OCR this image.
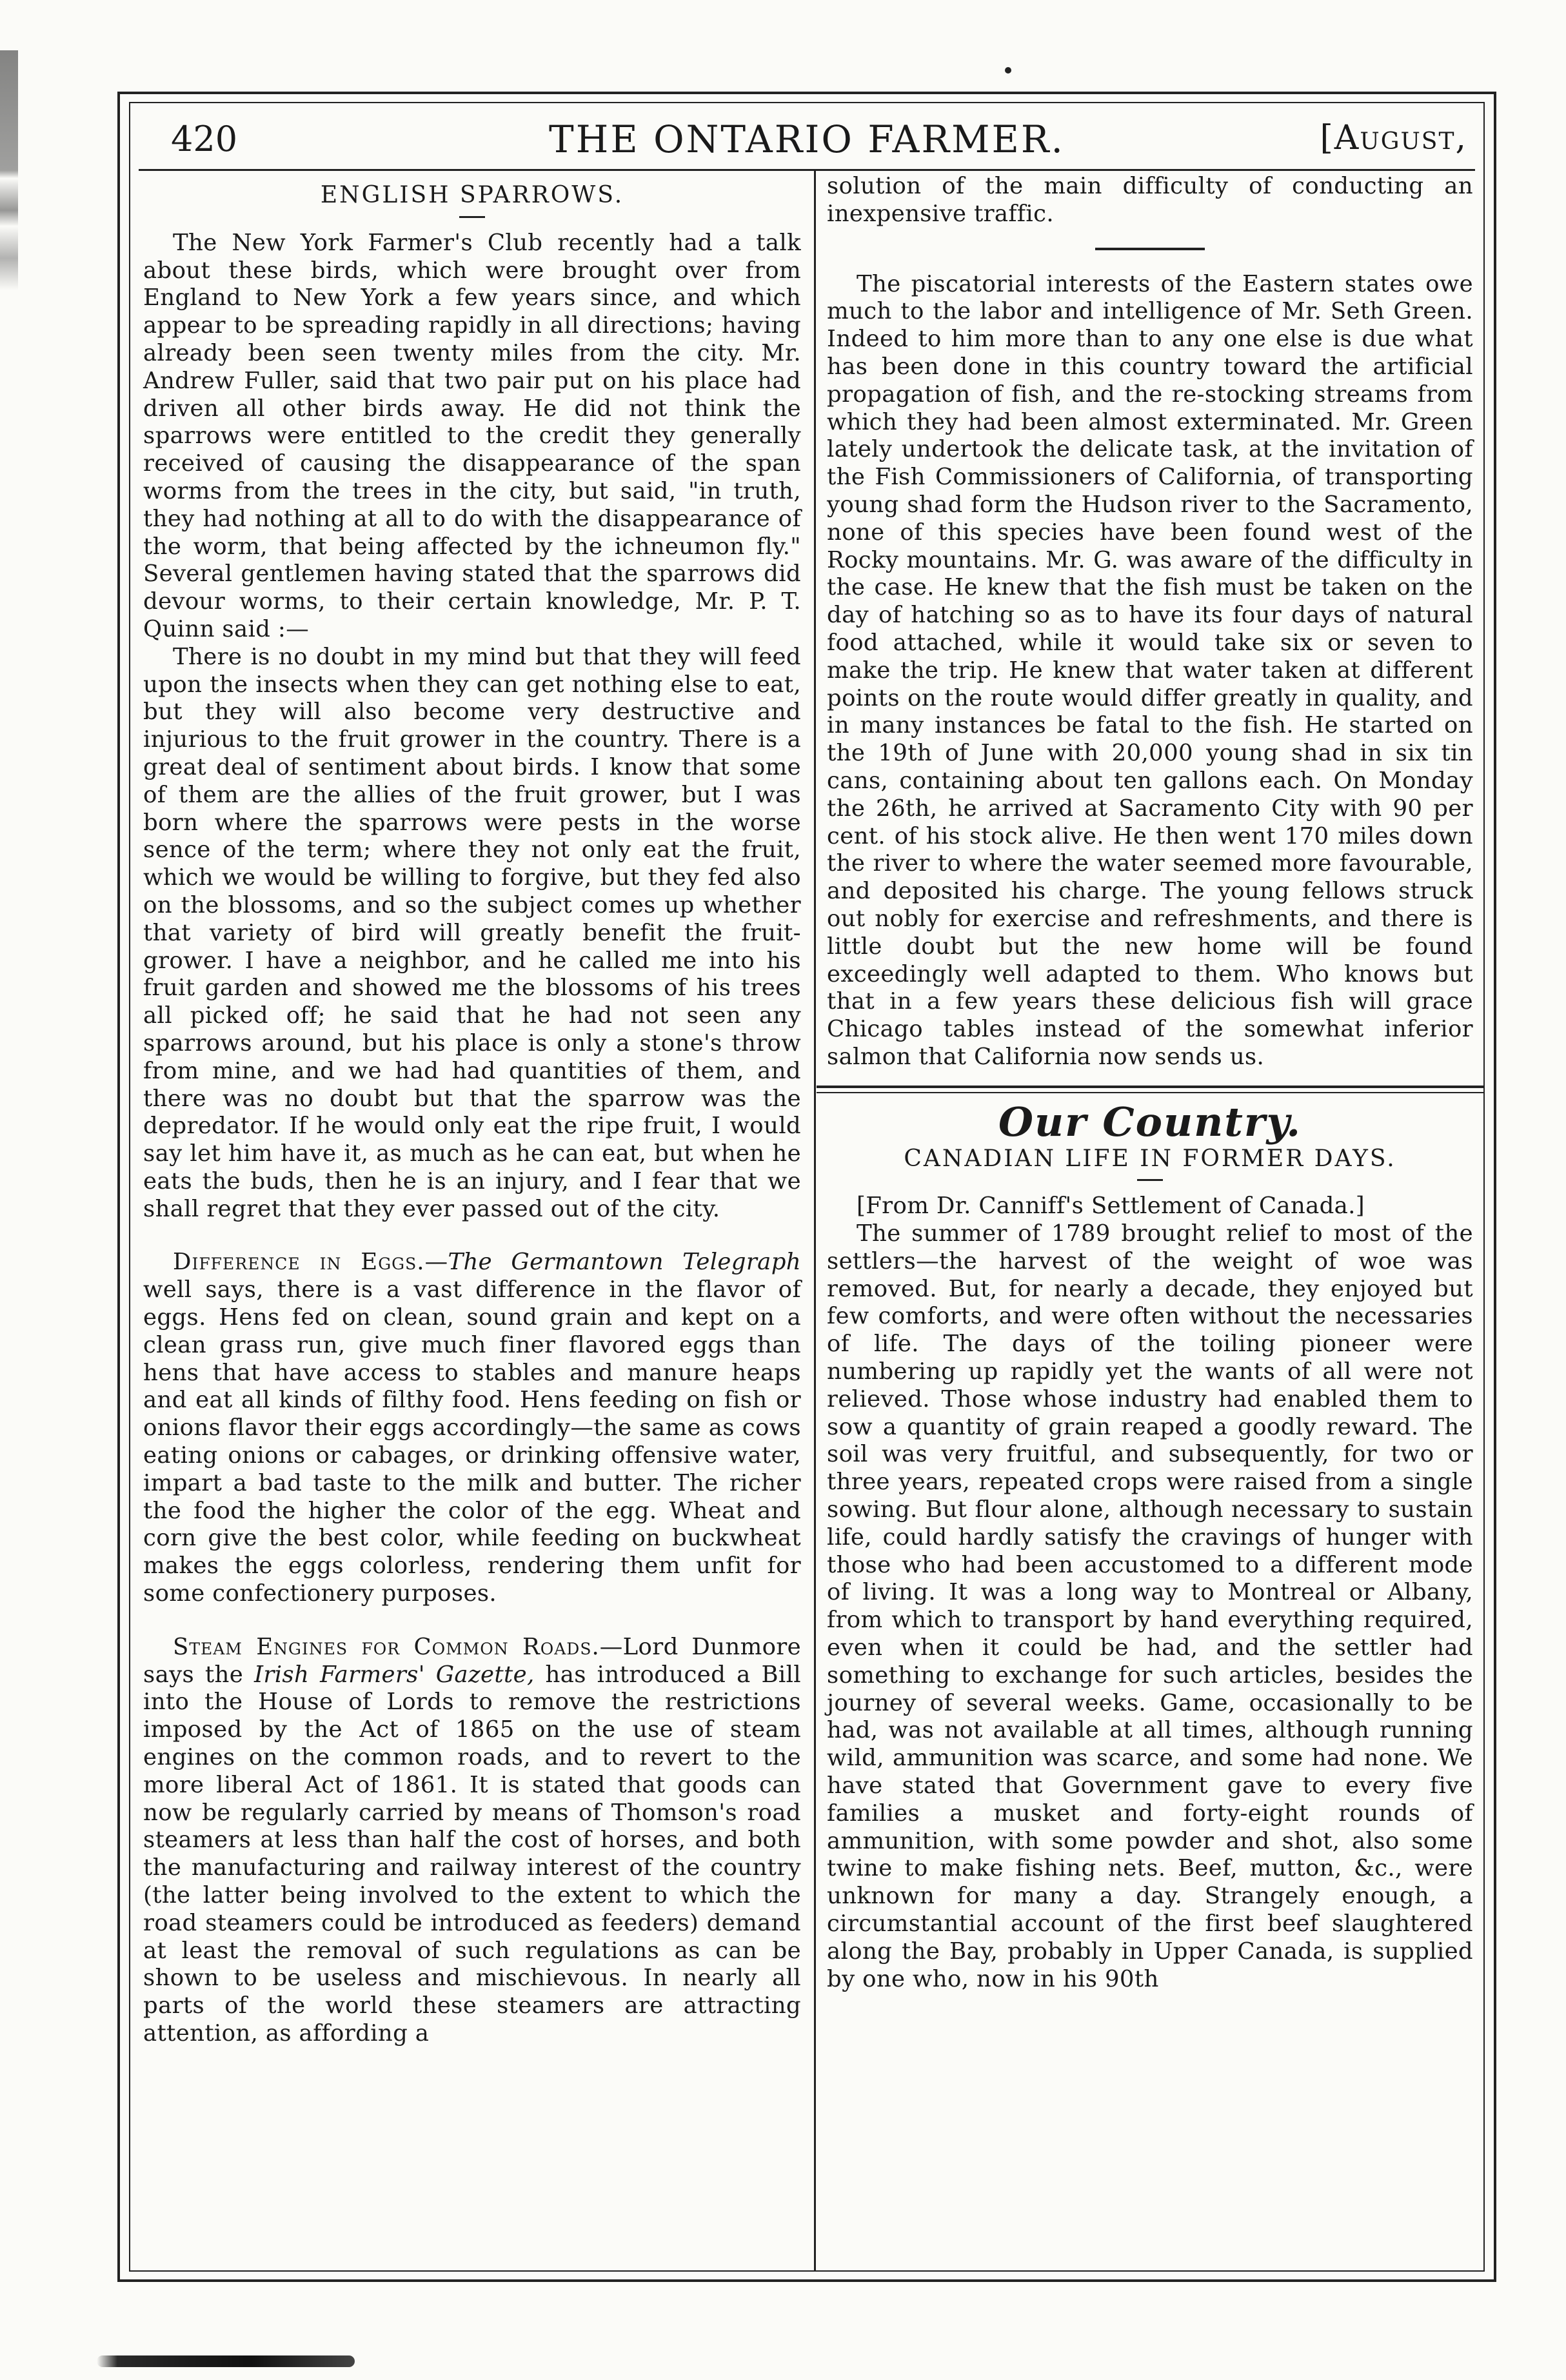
420	THE ONTARIO FARMER.	[August,
ENGLISH SPARROWS.

The New York Farmer's Club recently had a talk about these birds, which were brought over from England to New York a few years since, and which appear to be spreading rapidly in all directions; having already been seen twenty miles from the city. Mr. Andrew Fuller, said that two pair put on his place had driven all other birds away. He did not think the sparrows were entitled to the credit they generally received of causing the disappearance of the span worms from the trees in the city, but said, "in truth, they had nothing at all to do with the disappearance of the worm, that being affected by the ichneumon fly." Several gentlemen having stated that the sparrows did devour worms, to their certain knowledge, Mr. P. T. Quinn said :—

There is no doubt in my mind but that they will feed upon the insects when they can get nothing else to eat, but they will also become very destructive and injurious to the fruit grower in the country. There is a great deal of sentiment about birds. I know that some of them are the allies of the fruit grower, but I was born where the sparrows were pests in the worse sence of the term; where they not only eat the fruit, which we would be willing to forgive, but they fed also on the blossoms, and so the subject comes up whether that variety of bird will greatly benefit the fruit-grower. I have a neighbor, and he called me into his fruit garden and showed me the blossoms of his trees all picked off; he said that he had not seen any sparrows around, but his place is only a stone's throw from mine, and we had had quantities of them, and there was no doubt but that the sparrow was the depredator. If he would only eat the ripe fruit, I would say let him have it, as much as he can eat, but when he eats the buds, then he is an injury, and I fear that we shall regret that they ever passed out of the city.

Difference in Eggs.—The Germantown Telegraph well says, there is a vast difference in the flavor of eggs. Hens fed on clean, sound grain and kept on a clean grass run, give much finer flavored eggs than hens that have access to stables and manure heaps and eat all kinds of filthy food. Hens feeding on fish or onions flavor their eggs accordingly—the same as cows eating onions or cabages, or drinking offensive water, impart a bad taste to the milk and butter. The richer the food the higher the color of the egg. Wheat and corn give the best color, while feeding on buckwheat makes the eggs colorless, rendering them unfit for some confectionery purposes.

Steam Engines for Common Roads.—Lord Dunmore says the Irish Farmers' Gazette, has introduced a Bill into the House of Lords to remove the restrictions imposed by the Act of 1865 on the use of steam engines on the common roads, and to revert to the more liberal Act of 1861. It is stated that goods can now be regularly carried by means of Thomson's road steamers at less than half the cost of horses, and both the manufacturing and railway interest of the country (the latter being involved to the extent to which the road steamers could be introduced as feeders) demand at least the removal of such regulations as can be shown to be useless and mischievous. In nearly all parts of the world these steamers are attracting attention, as affording a

solution of the main difficulty of conducting an inexpensive traffic.

The piscatorial interests of the Eastern states owe much to the labor and intelligence of Mr. Seth Green. Indeed to him more than to any one else is due what has been done in this country toward the artificial propagation of fish, and the re-stocking streams from which they had been almost exterminated. Mr. Green lately undertook the delicate task, at the invitation of the Fish Commissioners of California, of transporting young shad form the Hudson river to the Sacramento, none of this species have been found west of the Rocky mountains. Mr. G. was aware of the difficulty in the case. He knew that the fish must be taken on the day of hatching so as to have its four days of natural food attached, while it would take six or seven to make the trip. He knew that water taken at different points on the route would differ greatly in quality, and in many instances be fatal to the fish. He started on the 19th of June with 20,000 young shad in six tin cans, containing about ten gallons each. On Monday the 26th, he arrived at Sacramento City with 90 per cent. of his stock alive. He then went 170 miles down the river to where the water seemed more favourable, and deposited his charge. The young fellows struck out nobly for exercise and refreshments, and there is little doubt but the new home will be found exceedingly well adapted to them. Who knows but that in a few years these delicious fish will grace Chicago tables instead of the somewhat inferior salmon that California now sends us.

Our Country.
CANADIAN LIFE IN FORMER DAYS.

[From Dr. Canniff's Settlement of Canada.]

The summer of 1789 brought relief to most of the settlers—the harvest of the weight of woe was removed. But, for nearly a decade, they enjoyed but few comforts, and were often without the necessaries of life. The days of the toiling pioneer were numbering up rapidly yet the wants of all were not relieved. Those whose industry had enabled them to sow a quantity of grain reaped a goodly reward. The soil was very fruitful, and subsequently, for two or three years, repeated crops were raised from a single sowing. But flour alone, although necessary to sustain life, could hardly satisfy the cravings of hunger with those who had been accustomed to a different mode of living. It was a long way to Montreal or Albany, from which to transport by hand everything required, even when it could be had, and the settler had something to exchange for such articles, besides the journey of several weeks. Game, occasionally to be had, was not available at all times, although running wild, ammunition was scarce, and some had none. We have stated that Government gave to every five families a musket and forty-eight rounds of ammunition, with some powder and shot, also some twine to make fishing nets. Beef, mutton, &c., were unknown for many a day. Strangely enough, a circumstantial account of the first beef slaughtered along the Bay, probably in Upper Canada, is supplied by one who, now in his 90th
